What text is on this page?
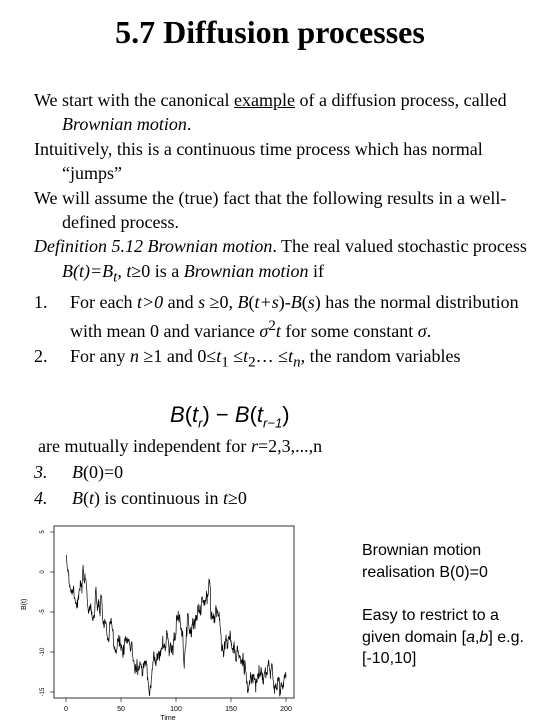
5.7 Diffusion processes

We start with the canonical example of a diffusion process, called Brownian motion.

Intuitively, this is a continuous time process which has normal “jumps”

We will assume the (true) fact that the following results in a well-defined process.

Definition 5.12 Brownian motion. The real valued stochastic process $B(t)=B_t$, t≥0 is a Brownian motion if

1. For each t>0 and s ≥0, B(t+s)-B(s) has the normal distribution with mean 0 and variance $\sigma^2t$ for some constant σ.

2. For any n ≥1 and $0\le t_1$ $\le t_2\dots \le t_n$, the random variables

$B(t_r) - B(t_{r-1})$
are mutually independent for r=2,3,...,n
3. B(0)=0
4. B(t) is continuous in t≥0
B(t)
Time
0	50	100	150	200
-15
-10
-5
0
5
Brownian motion realisation B(0)=0
Easy to restrict to a given domain [a,b] e.g. [-10,10]
